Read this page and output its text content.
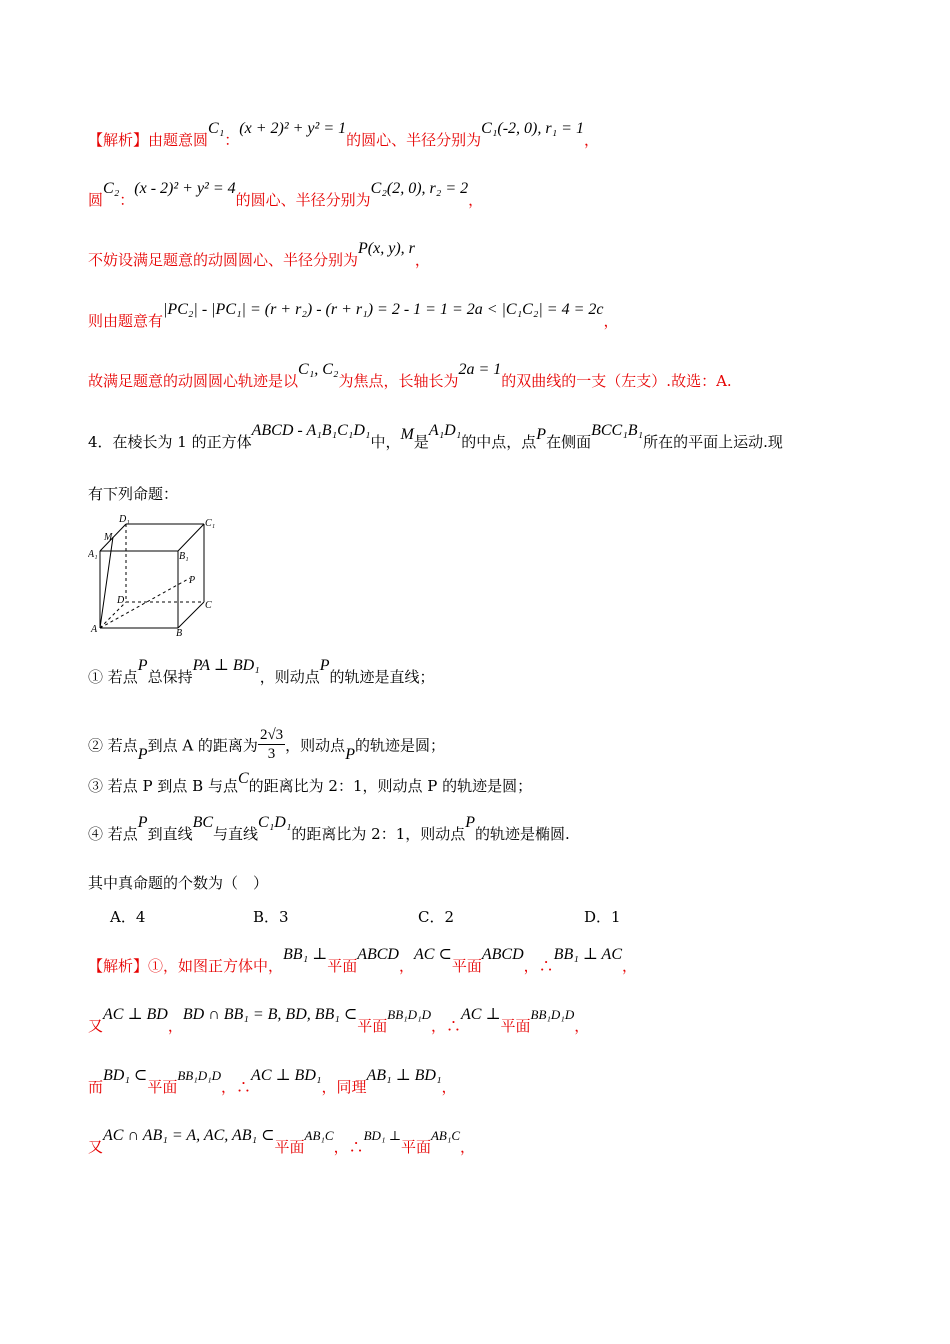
【解析】由题意圆C₁：(x + 2)² + y² = 1的圆心、半径分别为C₁(-2, 0), r₁ = 1，
圆C₂：(x - 2)² + y² = 4的圆心、半径分别为C₂(2, 0), r₂ = 2，
不妨设满足题意的动圆圆心、半径分别为P(x, y), r，
则由题意有|PC₂| - |PC₁| = (r + r₂) - (r + r₁) = 2 - 1 = 1 = 2a < |C₁C₂| = 4 = 2c，
故满足题意的动圆圆心轨迹是以C₁, C₂为焦点，长轴长为2a = 1的双曲线的一支（左支）.故选：A.
4．在棱长为 1 的正方体ABCD - A₁B₁C₁D₁中，M是A₁D₁的中点，点P在侧面BCC₁B₁所在的平面上运动.现
有下列命题：
D₁	C₁
M
A₁	B₁
P
D	C
A	B
① 若点P总保持PA ⊥ BD₁，则动点P的轨迹是直线；
② 若点P到点 A 的距离为 $\frac{2√3}{3}$ ，则动点P的轨迹是圆；
③ 若点 P 到点 B 与点C的距离比为 2：1，则动点 P 的轨迹是圆；
④ 若点P到直线BC与直线C₁D₁的距离比为 2：1，则动点P的轨迹是椭圆.
其中真命题的个数为（　）
A．4	B．3	C．2	D．1
【解析】①，如图正方体中，BB₁ ⊥平面ABCD，AC ⊂平面ABCD，∴BB₁ ⊥ AC，
又AC ⊥ BD，BD ∩ BB₁ = B, BD, BB₁ ⊂平面BB₁D₁D，∴AC ⊥平面BB₁D₁D，
而BD₁ ⊂平面BB₁D₁D，∴AC ⊥ BD₁，同理AB₁ ⊥ BD₁，
又AC ∩ AB₁ = A, AC, AB₁ ⊂平面AB₁C，∴BD₁ ⊥平面AB₁C，
